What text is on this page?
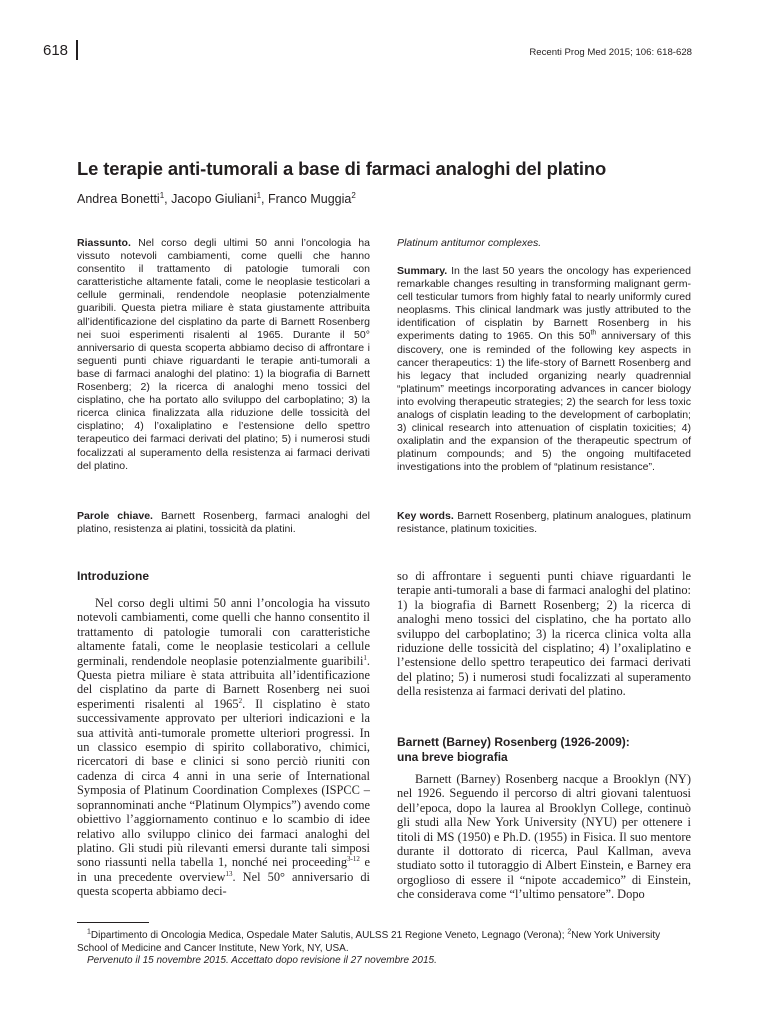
618	Recenti Prog Med 2015; 106: 618-628
Le terapie anti-tumorali a base di farmaci analoghi del platino
Andrea Bonetti$^1$, Jacopo Giuliani$^1$, Franco Muggia$^2$

Riassunto. Nel corso degli ultimi 50 anni l’oncologia ha vissuto notevoli cambiamenti, come quelli che hanno consentito il trattamento di patologie tumorali con caratteristiche altamente fatali, come le neoplasie testicolari a cellule germinali, rendendole neoplasie potenzialmente guaribili. Questa pietra miliare è stata giustamente attribuita all’identificazione del cisplatino da parte di Barnett Rosenberg nei suoi esperimenti risalenti al 1965. Durante il 50° anniversario di questa scoperta abbiamo deciso di affrontare i seguenti punti chiave riguardanti le terapie anti-tumorali a base di farmaci analoghi del platino: 1) la biografia di Barnett Rosenberg; 2) la ricerca di analoghi meno tossici del cisplatino, che ha portato allo sviluppo del carboplatino; 3) la ricerca clinica finalizzata alla riduzione delle tossicità del cisplatino; 4) l’oxaliplatino e l’estensione dello spettro terapeutico dei farmaci derivati del platino; 5) i numerosi studi focalizzati al superamento della resistenza ai farmaci derivati del platino.

Platinum antitumor complexes.

Summary. In the last 50 years the oncology has experienced remarkable changes resulting in transforming malignant germ-cell testicular tumors from highly fatal to nearly uniformly cured neoplasms. This clinical landmark was justly attributed to the identification of cisplatin by Barnett Rosenberg in his experiments dating to 1965. On this 50th anniversary of this discovery, one is reminded of the following key aspects in cancer therapeutics: 1) the life-story of Barnett Rosenberg and his legacy that included organizing nearly quadrennial “platinum” meetings incorporating advances in cancer biology into evolving therapeutic strategies; 2) the search for less toxic analogs of cisplatin leading to the development of carboplatin; 3) clinical research into attenuation of cisplatin toxicities; 4) oxaliplatin and the expansion of the therapeutic spectrum of platinum compounds; and 5) the ongoing multifaceted investigations into the problem of “platinum resistance”.

Parole chiave. Barnett Rosenberg, farmaci analoghi del platino, resistenza ai platini, tossicità da platini.

Key words. Barnett Rosenberg, platinum analogues, platinum resistance, platinum toxicities.

Introduzione

Nel corso degli ultimi 50 anni l’oncologia ha vissuto notevoli cambiamenti, come quelli che hanno consentito il trattamento di patologie tumorali con caratteristiche altamente fatali, come le neoplasie testicolari a cellule germinali, rendendole neoplasie potenzialmente guaribili$^1$. Questa pietra miliare è stata attribuita all’identificazione del cisplatino da parte di Barnett Rosenberg nei suoi esperimenti risalenti al 1965$^2$. Il cisplatino è stato successivamente approvato per ulteriori indicazioni e la sua attività anti-tumorale promette ulteriori progressi. In un classico esempio di spirito collaborativo, chimici, ricercatori di base e clinici si sono perciò riuniti con cadenza di circa 4 anni in una serie of International Symposia of Platinum Coordination Complexes (ISPCC – soprannominati anche “Platinum Olympics”) avendo come obiettivo l’aggiornamento continuo e lo scambio di idee relativo allo sviluppo clinico dei farmaci analoghi del platino. Gli studi più rilevanti emersi durante tali simposi sono riassunti nella tabella 1, nonché nei proceeding$^{3-12}$ e in una precedente overview$^{13}$. Nel 50° anniversario di questa scoperta abbiamo deci-

so di affrontare i seguenti punti chiave riguardanti le terapie anti-tumorali a base di farmaci analoghi del platino: 1) la biografia di Barnett Rosenberg; 2) la ricerca di analoghi meno tossici del cisplatino, che ha portato allo sviluppo del carboplatino; 3) la ricerca clinica volta alla riduzione delle tossicità del cisplatino; 4) l’oxaliplatino e l’estensione dello spettro terapeutico dei farmaci derivati del platino; 5) i numerosi studi focalizzati al superamento della resistenza ai farmaci derivati del platino.

Barnett (Barney) Rosenberg (1926-2009):
una breve biografia

Barnett (Barney) Rosenberg nacque a Brooklyn (NY) nel 1926. Seguendo il percorso di altri giovani talentuosi dell’epoca, dopo la laurea al Brooklyn College, continuò gli studi alla New York University (NYU) per ottenere i titoli di MS (1950) e Ph.D. (1955) in Fisica. Il suo mentore durante il dottorato di ricerca, Paul Kallman, aveva studiato sotto il tutoraggio di Albert Einstein, e Barney era orgoglioso di essere il “nipote accademico” di Einstein, che considerava come “l’ultimo pensatore”. Dopo

$^1$Dipartimento di Oncologia Medica, Ospedale Mater Salutis, AULSS 21 Regione Veneto, Legnago (Verona); $^2$New York University School of Medicine and Cancer Institute, New York, NY, USA.

Pervenuto il 15 novembre 2015. Accettato dopo revisione il 27 novembre 2015.
